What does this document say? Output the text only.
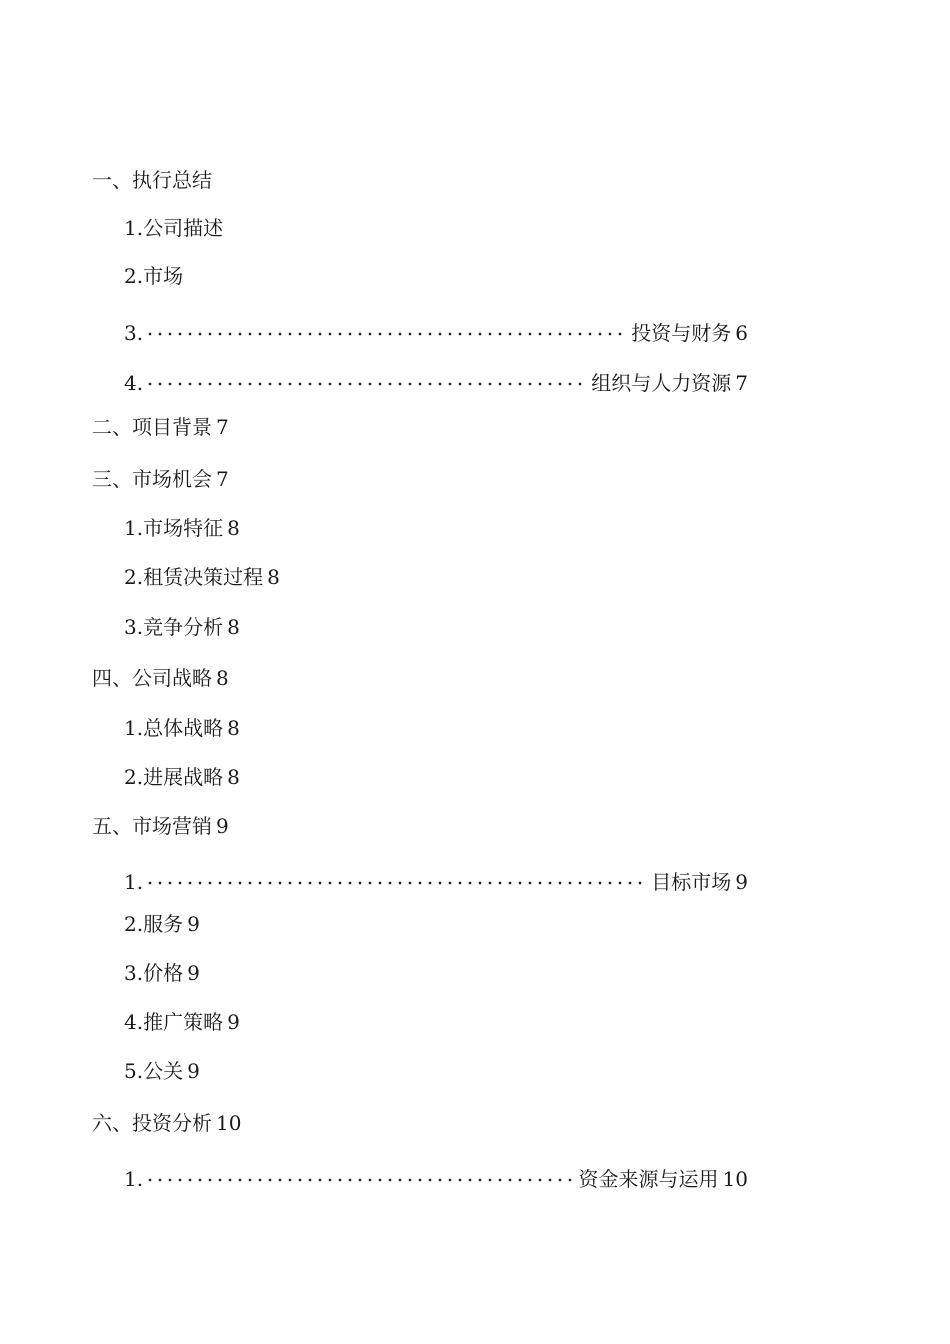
一、 执行总结
1. 公司描述
2. 市场
3.	投资与财务 6
4.	组织与人力资源 7
二、 项目背景 7
三、 市场机会 7
1. 市场特征 8
2. 租赁决策过程 8
3. 竞争分析 8
四、 公司战略 8
1. 总体战略 8
2. 进展战略 8
五、 市场营销 9
1.	目标市场 9
2. 服务 9
3. 价格 9
4. 推广策略 9
5. 公关 9
六、 投资分析 10
1.	资金来源与运用 10
